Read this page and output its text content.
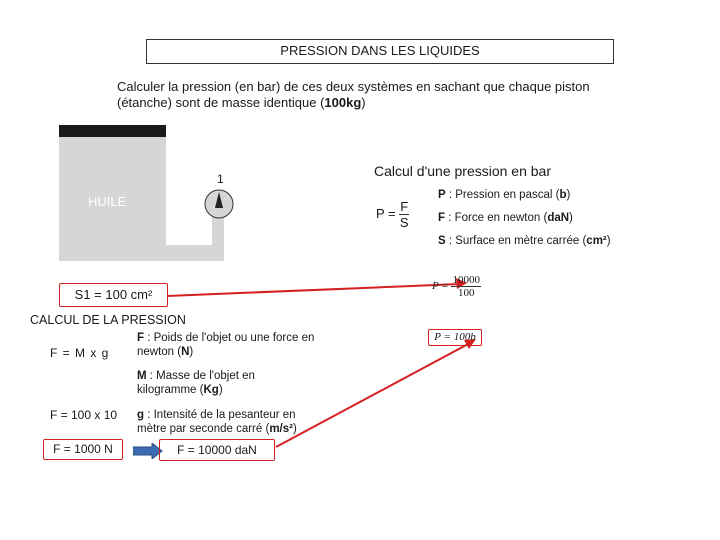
PRESSION DANS LES LIQUIDES
Calculer la pression (en bar) de ces deux systèmes en sachant que chaque piston
(étanche) sont de masse identique (100kg)
HUILE
1	Calcul d'une pression en bar
$P = \frac{F}{S}$
P : Pression en pascal (b)
F : Force en newton (daN)
S : Surface en mètre carrée (cm²)
$P = \frac{10000}{100}$
P = 100b
S1 = 100 cm²
CALCUL DE LA PRESSION
F = M x g
F = 100 x 10
F = 1000 N	F = 10000 daN
F : Poids de l'objet ou une force en newton (N)
M : Masse de l'objet en kilogramme (Kg)
g : Intensité de la pesanteur en mètre par seconde carré (m/s²)
